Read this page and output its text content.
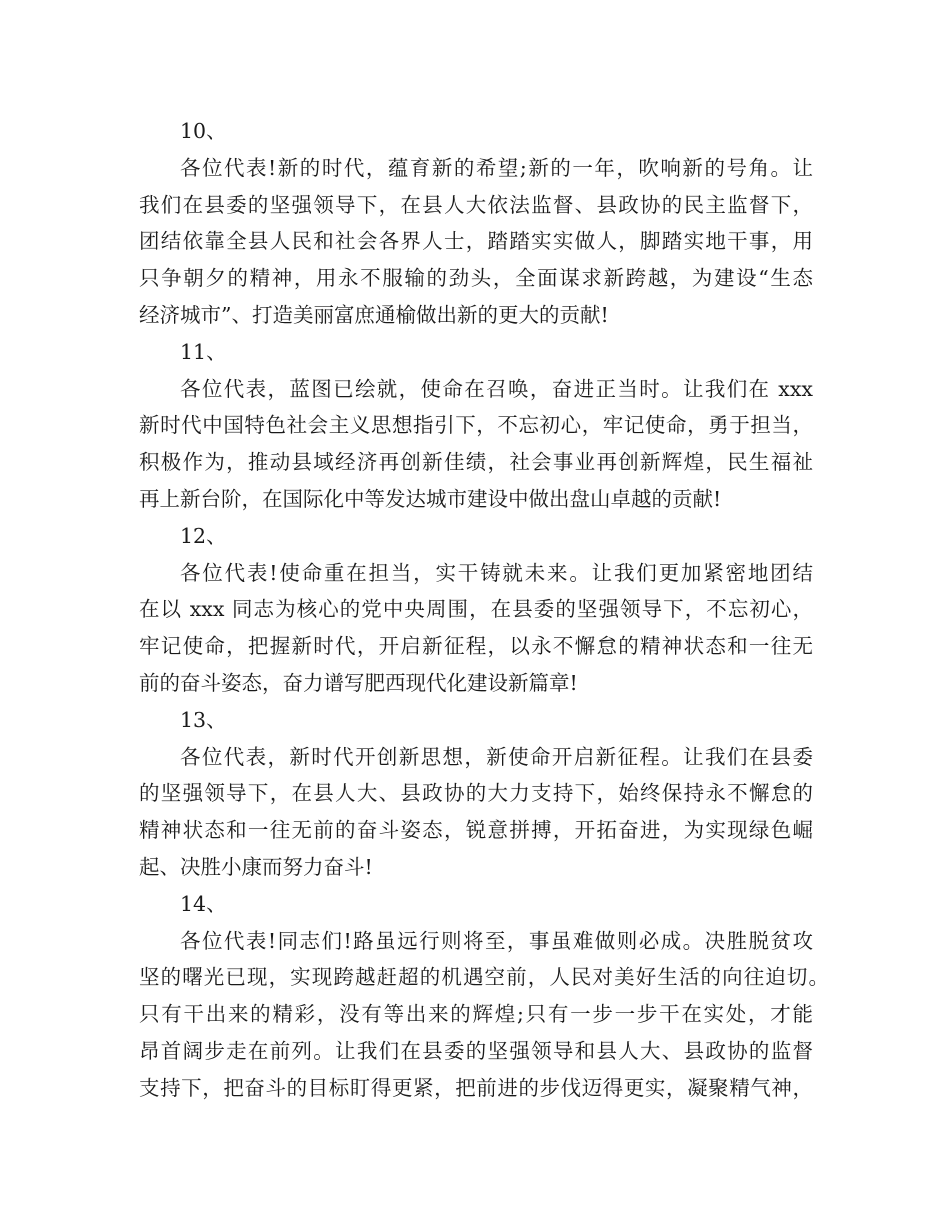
10、

各位代表!新的时代，蕴育新的希望;新的一年，吹响新的号角。让

我们在县委的坚强领导下，在县人大依法监督、县政协的民主监督下，

团结依靠全县人民和社会各界人士，踏踏实实做人，脚踏实地干事，用

只争朝夕的精神，用永不服输的劲头，全面谋求新跨越，为建设“生态

经济城市”、打造美丽富庶通榆做出新的更大的贡献!

11、

各位代表，蓝图已绘就，使命在召唤，奋进正当时。让我们在 xxx

新时代中国特色社会主义思想指引下，不忘初心，牢记使命，勇于担当，

积极作为，推动县域经济再创新佳绩，社会事业再创新辉煌，民生福祉

再上新台阶，在国际化中等发达城市建设中做出盘山卓越的贡献!

12、

各位代表!使命重在担当，实干铸就未来。让我们更加紧密地团结

在以 xxx 同志为核心的党中央周围，在县委的坚强领导下，不忘初心，

牢记使命，把握新时代，开启新征程，以永不懈怠的精神状态和一往无

前的奋斗姿态，奋力谱写肥西现代化建设新篇章!

13、

各位代表，新时代开创新思想，新使命开启新征程。让我们在县委

的坚强领导下，在县人大、县政协的大力支持下，始终保持永不懈怠的

精神状态和一往无前的奋斗姿态，锐意拼搏，开拓奋进，为实现绿色崛

起、决胜小康而努力奋斗!

14、

各位代表!同志们!路虽远行则将至，事虽难做则必成。决胜脱贫攻

坚的曙光已现，实现跨越赶超的机遇空前，人民对美好生活的向往迫切。

只有干出来的精彩，没有等出来的辉煌;只有一步一步干在实处，才能

昂首阔步走在前列。让我们在县委的坚强领导和县人大、县政协的监督

支持下，把奋斗的目标盯得更紧，把前进的步伐迈得更实，凝聚精气神，
